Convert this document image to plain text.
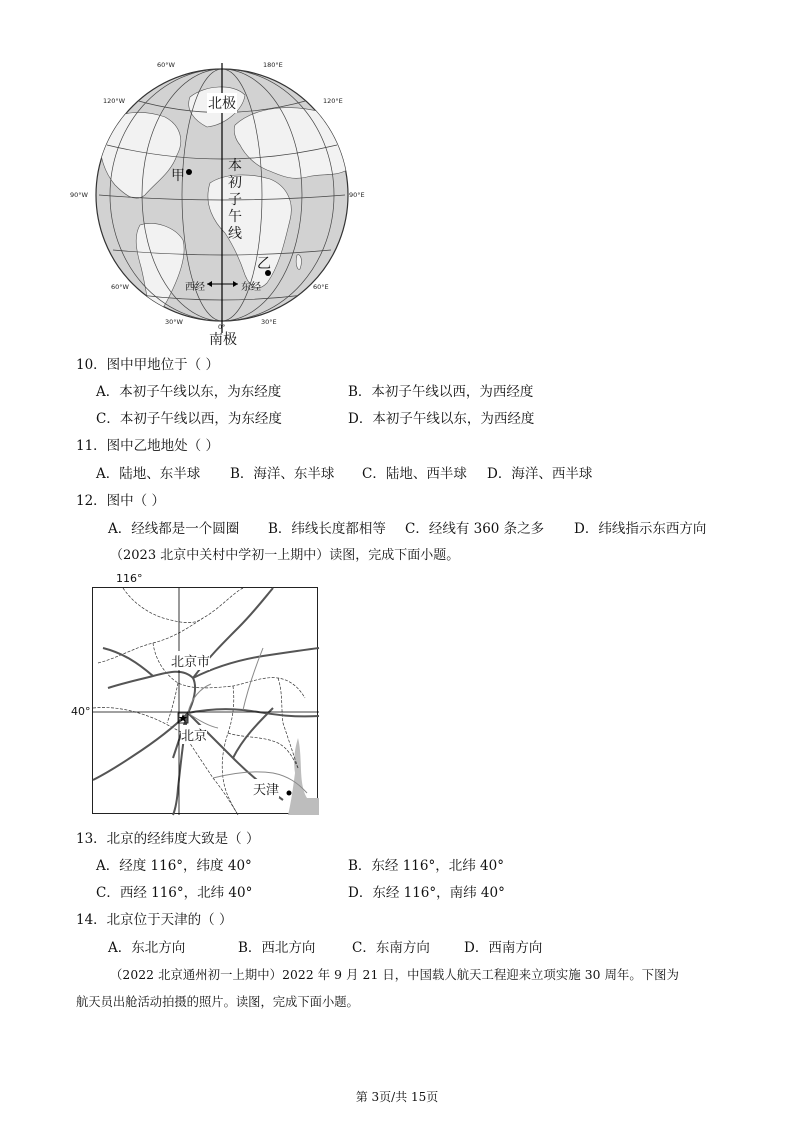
60°W	180°E
120°W	120°E
90°W	90°E
60°W	60°E
30°W	30°E
0°
北极
南极
本
初
子
午
线
甲
乙
西经	东经
10．图中甲地位于（ ）
A．本初子午线以东，为东经度	B．本初子午线以西，为西经度
C．本初子午线以西，为东经度	D．本初子午线以东，为西经度
11．图中乙地地处（ ）
A．陆地、东半球 B．海洋、东半球 C．陆地、西半球 D．海洋、西半球
12．图中（ ）
A．经线都是一个圆圈 B．纬线长度都相等 C．经线有 360 条之多 D．纬线指示东西方向
（2023 北京中关村中学初一上期中）读图，完成下面小题。
116°
40°
北京市
北京
天津
13．北京的经纬度大致是（ ）
A．经度 116°，纬度 40°	B．东经 116°，北纬 40°
C．西经 116°，北纬 40°	D．东经 116°，南纬 40°
14．北京位于天津的（ ）
A．东北方向	B．西北方向	C．东南方向	D．西南方向
（2022 北京通州初一上期中）2022 年 9 月 21 日，中国载人航天工程迎来立项实施 30 周年。下图为
航天员出舱活动拍摄的照片。读图，完成下面小题。
第 3页/共 15页
